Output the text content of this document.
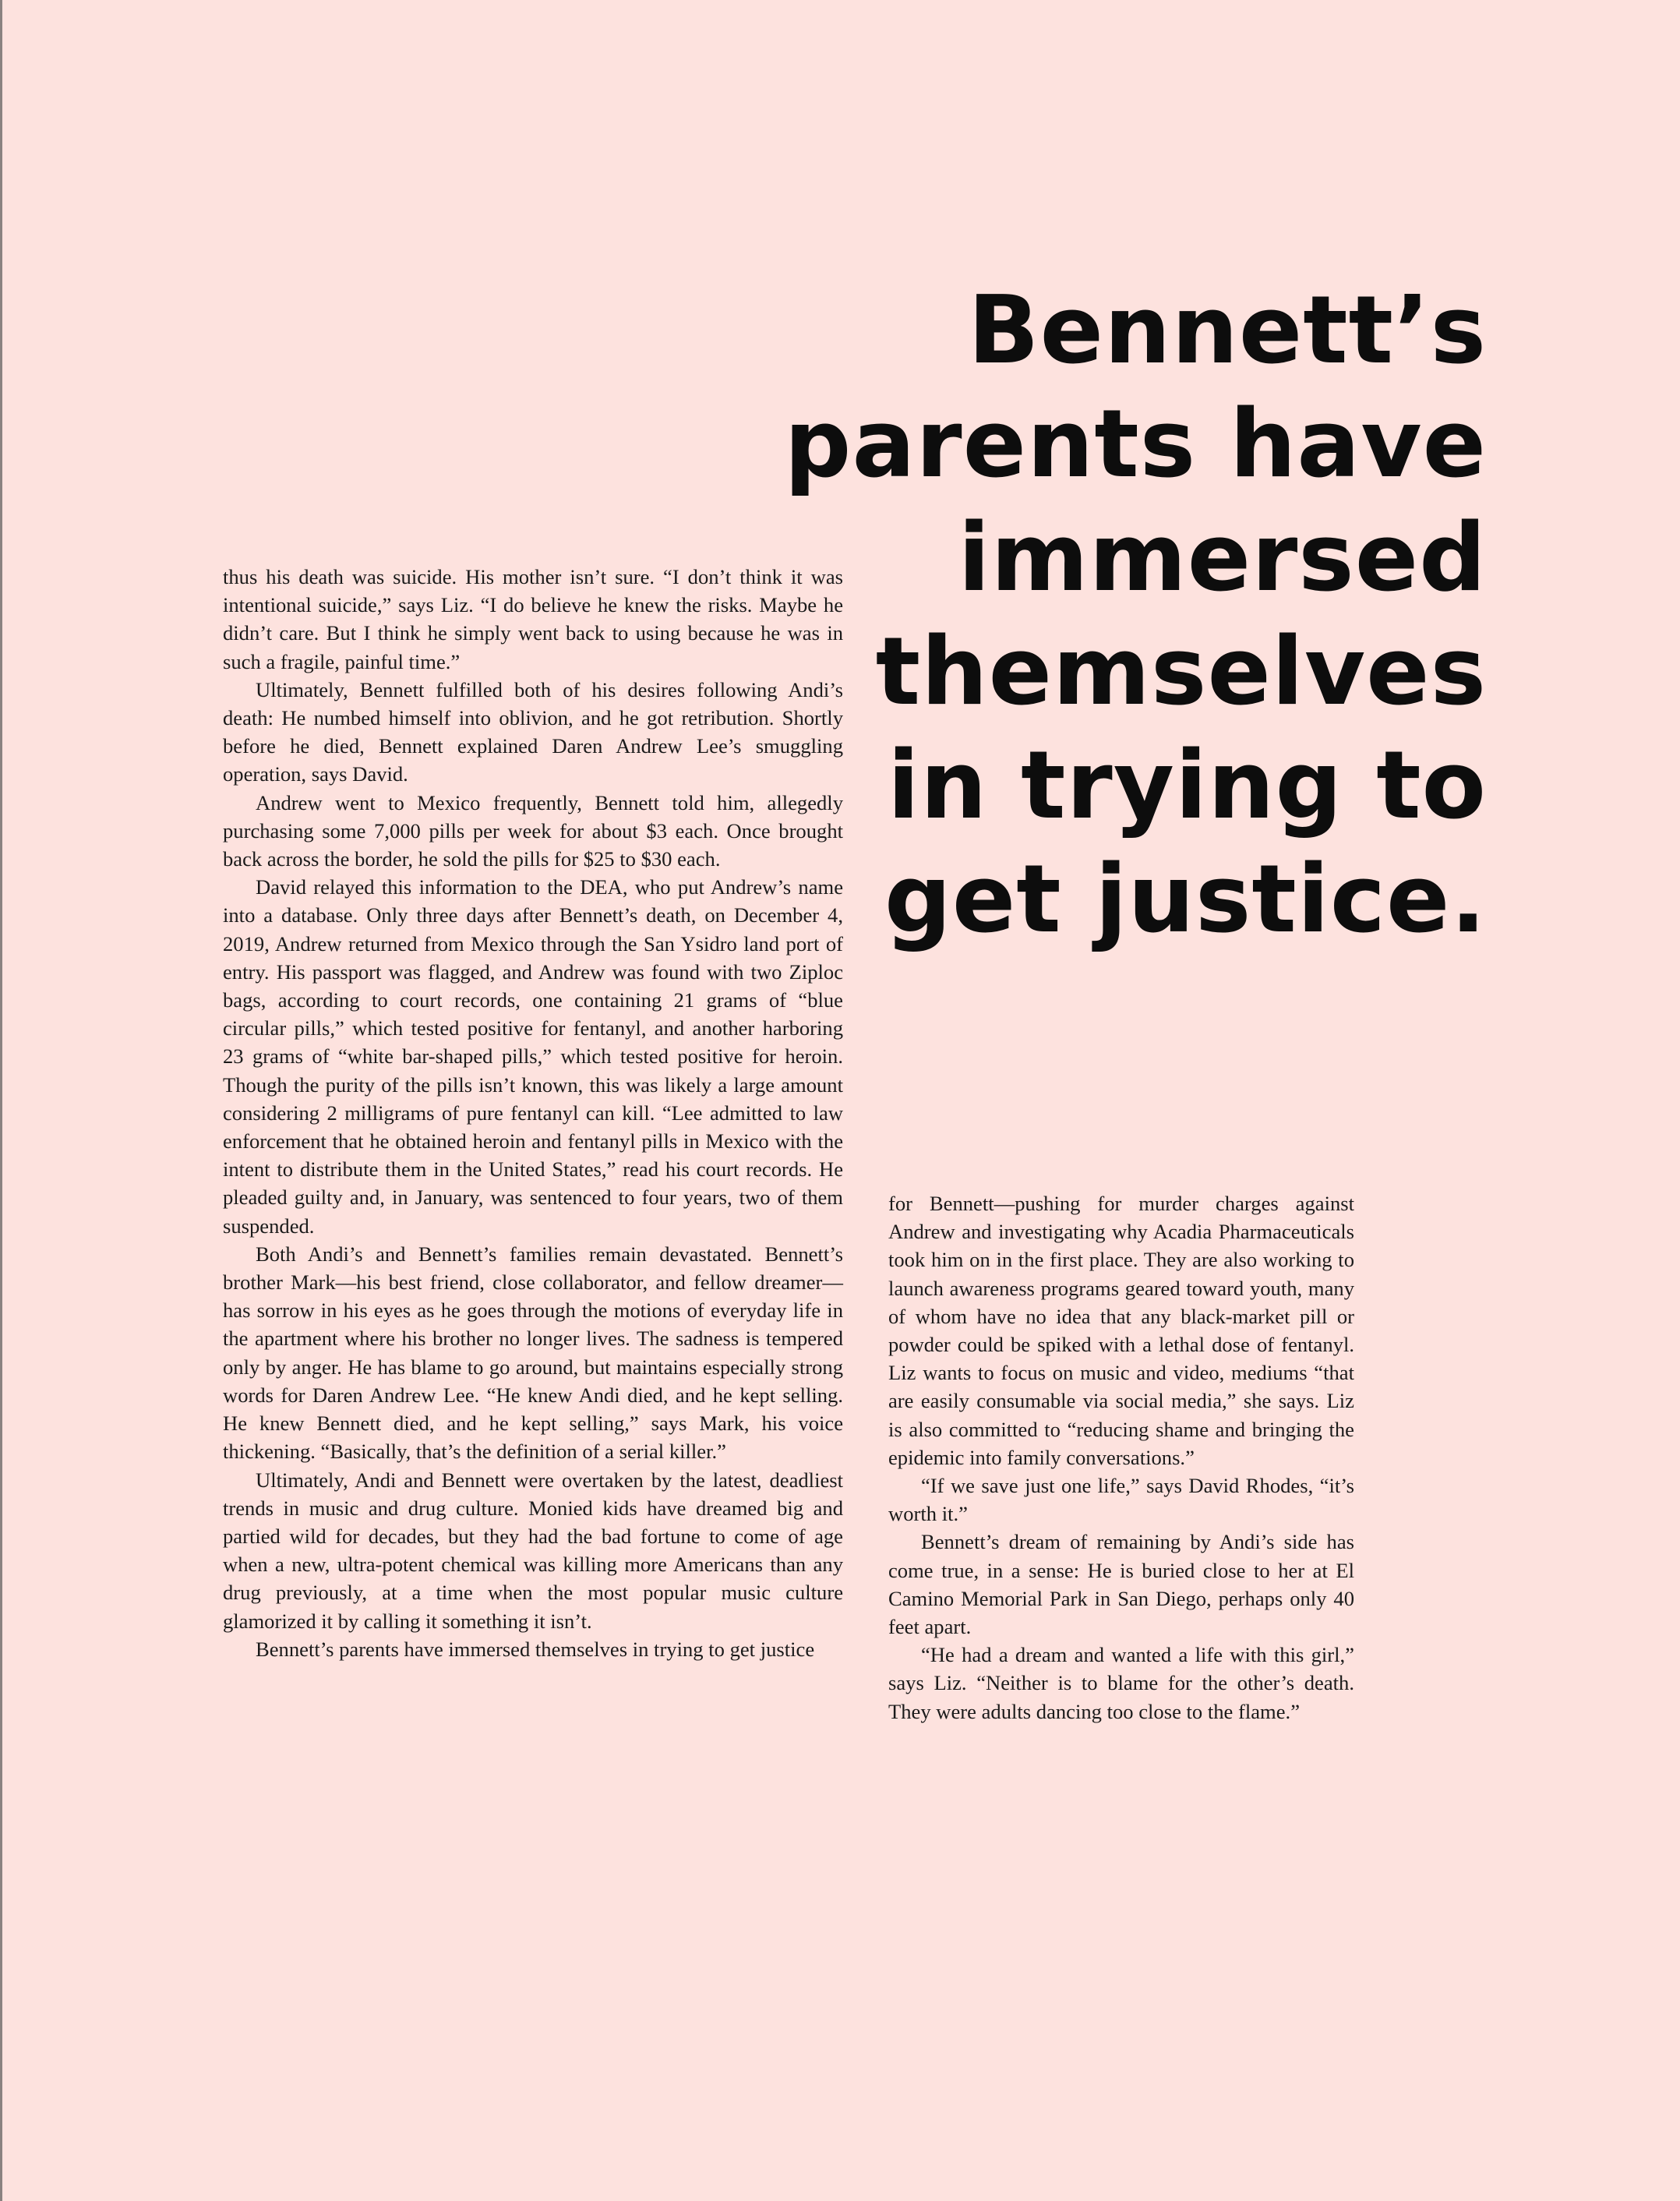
Bennett’s
parents have
immersed
themselves
in trying to
get justice.

thus his death was suicide. His mother isn’t sure. “I don’t think it was intentional suicide,” says Liz. “I do believe he knew the risks. Maybe he didn’t care. But I think he simply went back to using because he was in such a fragile, painful time.”

Ultimately, Bennett fulfilled both of his desires following Andi’s death: He numbed himself into oblivion, and he got retribution. Shortly before he died, Bennett explained Daren Andrew Lee’s smuggling operation, says David.

Andrew went to Mexico frequently, Bennett told him, allegedly purchasing some 7,000 pills per week for about $3 each. Once brought back across the border, he sold the pills for $25 to $30 each.

David relayed this information to the DEA, who put Andrew’s name into a database. Only three days after Bennett’s death, on December 4, 2019, Andrew returned from Mexico through the San Ysidro land port of entry. His passport was flagged, and Andrew was found with two Ziploc bags, according to court records, one containing 21 grams of “blue circular pills,” which tested positive for fentanyl, and another harboring 23 grams of “white bar-shaped pills,” which tested positive for heroin. Though the purity of the pills isn’t known, this was likely a large amount considering 2 milligrams of pure fentanyl can kill. “Lee admitted to law enforcement that he obtained heroin and fentanyl pills in Mexico with the intent to distribute them in the United States,” read his court records. He pleaded guilty and, in January, was sentenced to four years, two of them suspended.

Both Andi’s and Bennett’s families remain devastated. Bennett’s brother Mark—his best friend, close collaborator, and fellow dreamer—has sorrow in his eyes as he goes through the motions of everyday life in the apartment where his brother no longer lives. The sadness is tempered only by anger. He has blame to go around, but maintains especially strong words for Daren Andrew Lee. “He knew Andi died, and he kept selling. He knew Bennett died, and he kept selling,” says Mark, his voice thickening. “Basically, that’s the definition of a serial killer.”

Ultimately, Andi and Bennett were overtaken by the latest, deadliest trends in music and drug culture. Monied kids have dreamed big and partied wild for decades, but they had the bad fortune to come of age when a new, ultra-potent chemical was killing more Americans than any drug previously, at a time when the most popular music culture glamorized it by calling it something it isn’t.

Bennett’s parents have immersed themselves in trying to get justice

for Bennett—pushing for murder charges against Andrew and investigating why Acadia Pharmaceuticals took him on in the first place. They are also working to launch awareness programs geared toward youth, many of whom have no idea that any black-market pill or powder could be spiked with a lethal dose of fentanyl. Liz wants to focus on music and video, mediums “that are easily consumable via social media,” she says. Liz is also committed to “reducing shame and bringing the epidemic into family conversations.”

“If we save just one life,” says David Rhodes, “it’s worth it.”

Bennett’s dream of remaining by Andi’s side has come true, in a sense: He is buried close to her at El Camino Memorial Park in San Diego, perhaps only 40 feet apart.

“He had a dream and wanted a life with this girl,” says Liz. “Neither is to blame for the other’s death. They were adults dancing too close to the flame.”
